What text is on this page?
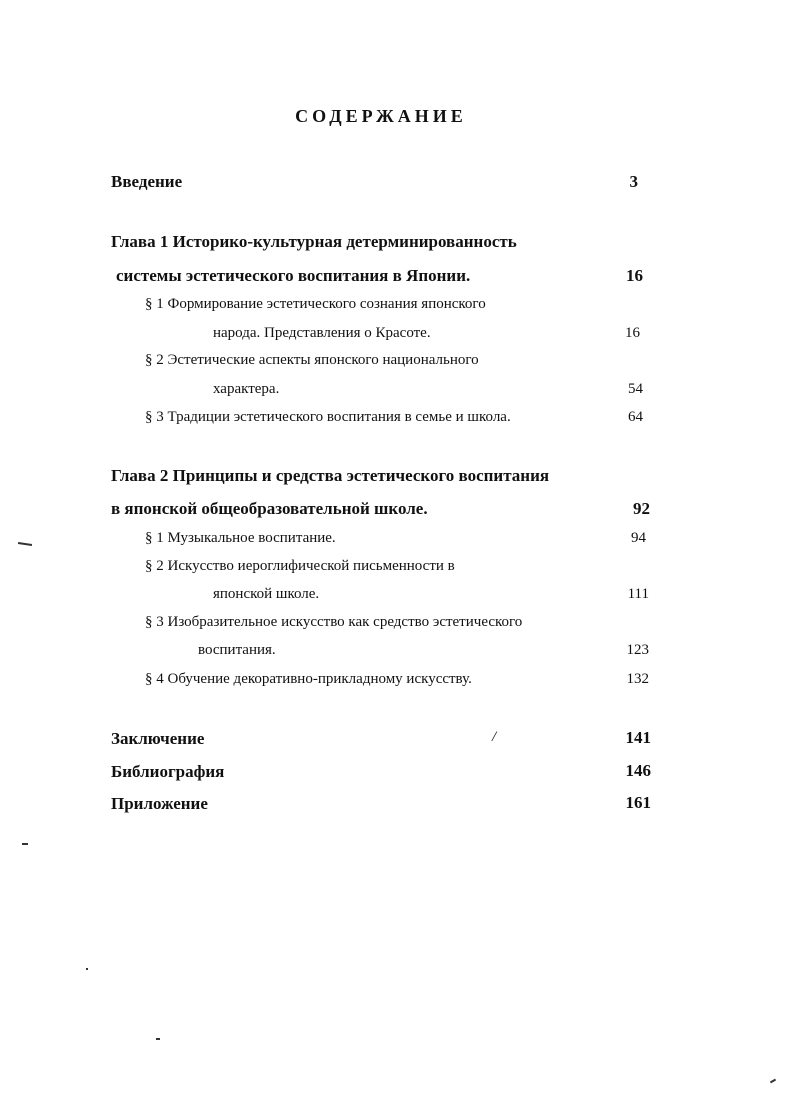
СОДЕРЖАНИЕ
Введение	3
Глава 1 Историко-культурная детерминированность
системы эстетического воспитания в Японии.	16
§ 1 Формирование эстетического сознания японского
народа. Представления о Красоте.	16
§ 2 Эстетические аспекты японского национального
характера.	54
§ 3 Традиции эстетического воспитания в семье и школа.	64
Глава 2 Принципы и средства эстетического воспитания
в японской общеобразовательной школе.	92
§ 1 Музыкальное воспитание.	94
§ 2 Искусство иероглифической письменности в
японской школе.	111
§ 3 Изобразительное искусство как средство эстетического
воспитания.	123
§ 4 Обучение декоративно-прикладному искусству.	132
Заключение	/	141
Библиография	146
Приложение	161
